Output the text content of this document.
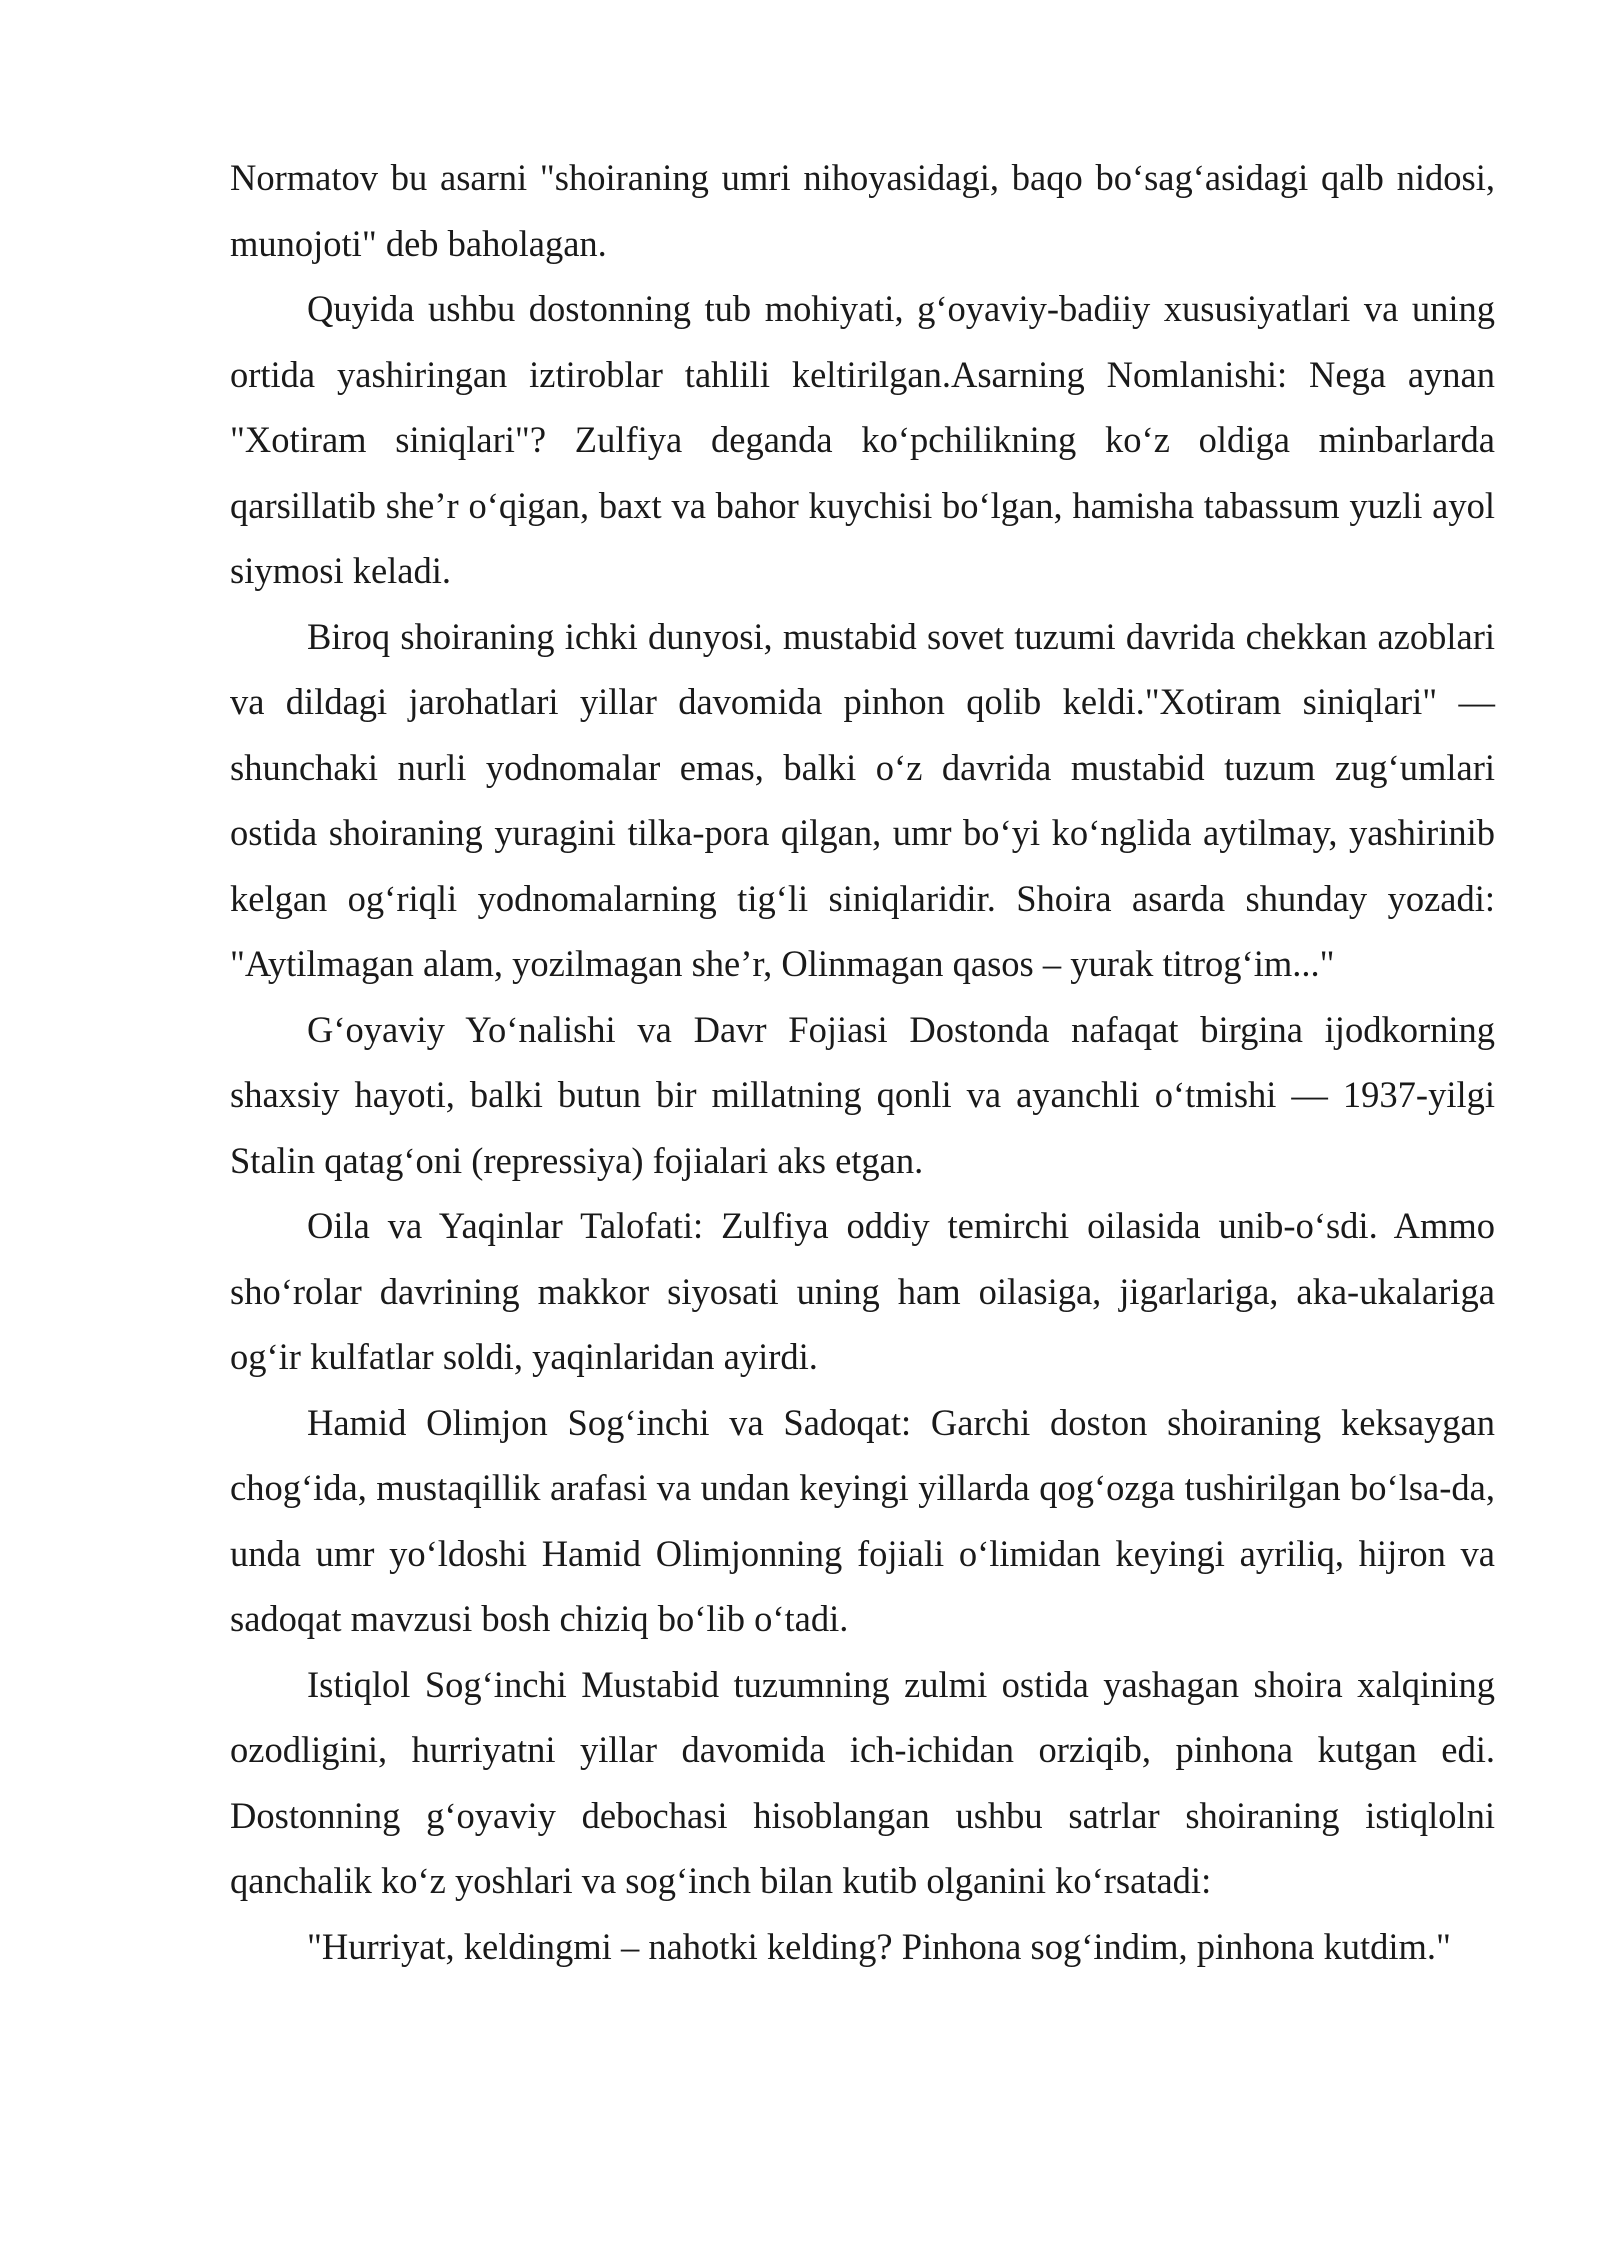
Normatov bu asarni "shoiraning umri nihoyasidagi, baqo bo‘sag‘asidagi qalb nidosi, munojoti" deb baholagan.

Quyida ushbu dostonning tub mohiyati, g‘oyaviy-badiiy xususiyatlari va uning ortida yashiringan iztiroblar tahlili keltirilgan.Asarning Nomlanishi: Nega aynan "Xotiram siniqlari"? Zulfiya deganda ko‘pchilikning ko‘z oldiga minbarlarda qarsillatib she’r o‘qigan, baxt va bahor kuychisi bo‘lgan, hamisha tabassum yuzli ayol siymosi keladi.

Biroq shoiraning ichki dunyosi, mustabid sovet tuzumi davrida chekkan azoblari va dildagi jarohatlari yillar davomida pinhon qolib keldi."Xotiram siniqlari" — shunchaki nurli yodnomalar emas, balki o‘z davrida mustabid tuzum zug‘umlari ostida shoiraning yuragini tilka-pora qilgan, umr bo‘yi ko‘nglida aytilmay, yashirinib kelgan og‘riqli yodnomalarning tig‘li siniqlaridir. Shoira asarda shunday yozadi: "Aytilmagan alam, yozilmagan she’r, Olinmagan qasos – yurak titrog‘im..."

G‘oyaviy Yo‘nalishi va Davr Fojiasi Dostonda nafaqat birgina ijodkorning shaxsiy hayoti, balki butun bir millatning qonli va ayanchli o‘tmishi — 1937-yilgi Stalin qatag‘oni (repressiya) fojialari aks etgan.

Oila va Yaqinlar Talofati: Zulfiya oddiy temirchi oilasida unib-o‘sdi. Ammo sho‘rolar davrining makkor siyosati uning ham oilasiga, jigarlariga, aka-ukalariga og‘ir kulfatlar soldi, yaqinlaridan ayirdi.

Hamid Olimjon Sog‘inchi va Sadoqat: Garchi doston shoiraning keksaygan chog‘ida, mustaqillik arafasi va undan keyingi yillarda qog‘ozga tushirilgan bo‘lsa-da, unda umr yo‘ldoshi Hamid Olimjonning fojiali o‘limidan keyingi ayriliq, hijron va sadoqat mavzusi bosh chiziq bo‘lib o‘tadi.

Istiqlol Sog‘inchi Mustabid tuzumning zulmi ostida yashagan shoira xalqining ozodligini, hurriyatni yillar davomida ich-ichidan orziqib, pinhona kutgan edi. Dostonning g‘oyaviy debochasi hisoblangan ushbu satrlar shoiraning istiqlolni qanchalik ko‘z yoshlari va sog‘inch bilan kutib olganini ko‘rsatadi:

"Hurriyat, keldingmi – nahotki kelding? Pinhona sog‘indim, pinhona kutdim."
